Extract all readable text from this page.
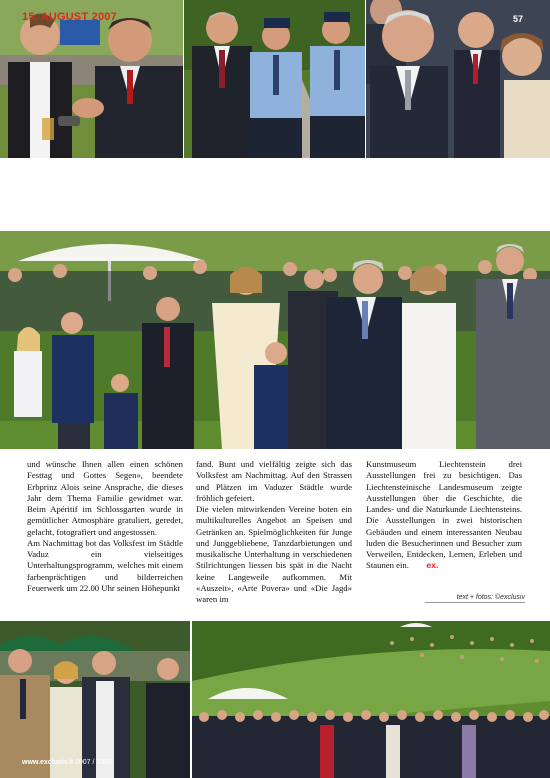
15. AUGUST 2007	57

und wünsche Ihnen allen einen schönen Festtag und Gottes Segen», beendete Erbprinz Alois seine Ansprache, die dieses Jahr dem Thema Familie gewidmet war. Beim Apéritif im Schlossgarten wurde in gemütlicher Atmosphäre gratuliert, geredet, gelacht, fotografiert und angestossen.

Am Nachmittag bot das Volksfest im Städtle Vaduz ein vielseitiges Unterhaltungsprogramm, welches mit einem farbenprächtigen und bilderreichen Feuerwerk um 22.00 Uhr seinen Höhepunkt

fand. Bunt und vielfältig zeigte sich das Volksfest am Nachmittag. Auf den Strassen und Plätzen im Vaduzer Städtle wurde fröhlich gefeiert.

Die vielen mitwirkenden Vereine boten ein multikulturelles Angebot an Speisen und Getränken an. Spielmöglichkeiten für Junge und Junggebliebene, Tanzdarbietungen und musikalische Unterhaltung in verschiedenen Stilrichtungen liessen bis spät in die Nacht keine Langeweile aufkommen. Mit «Auszeit», «Arte Povera» und «Die Jagd» waren im

Kunstmuseum Liechtenstein drei Ausstellungen frei zu besichtigen. Das Liechtensteinische Landesmuseum zeigte Ausstellungen über die Geschichte, die Landes- und die Naturkunde Liechtensteins. Die Ausstellungen in zwei historischen Gebäuden und einem interessanten Neubau luden die Besucherinnen und Besucher zum Verweilen, Entdecken, Lernen, Erleben und Staunen ein. ex.

text + fotos: ©exclusiv
www.exclusiv.li 2007 / 2008
